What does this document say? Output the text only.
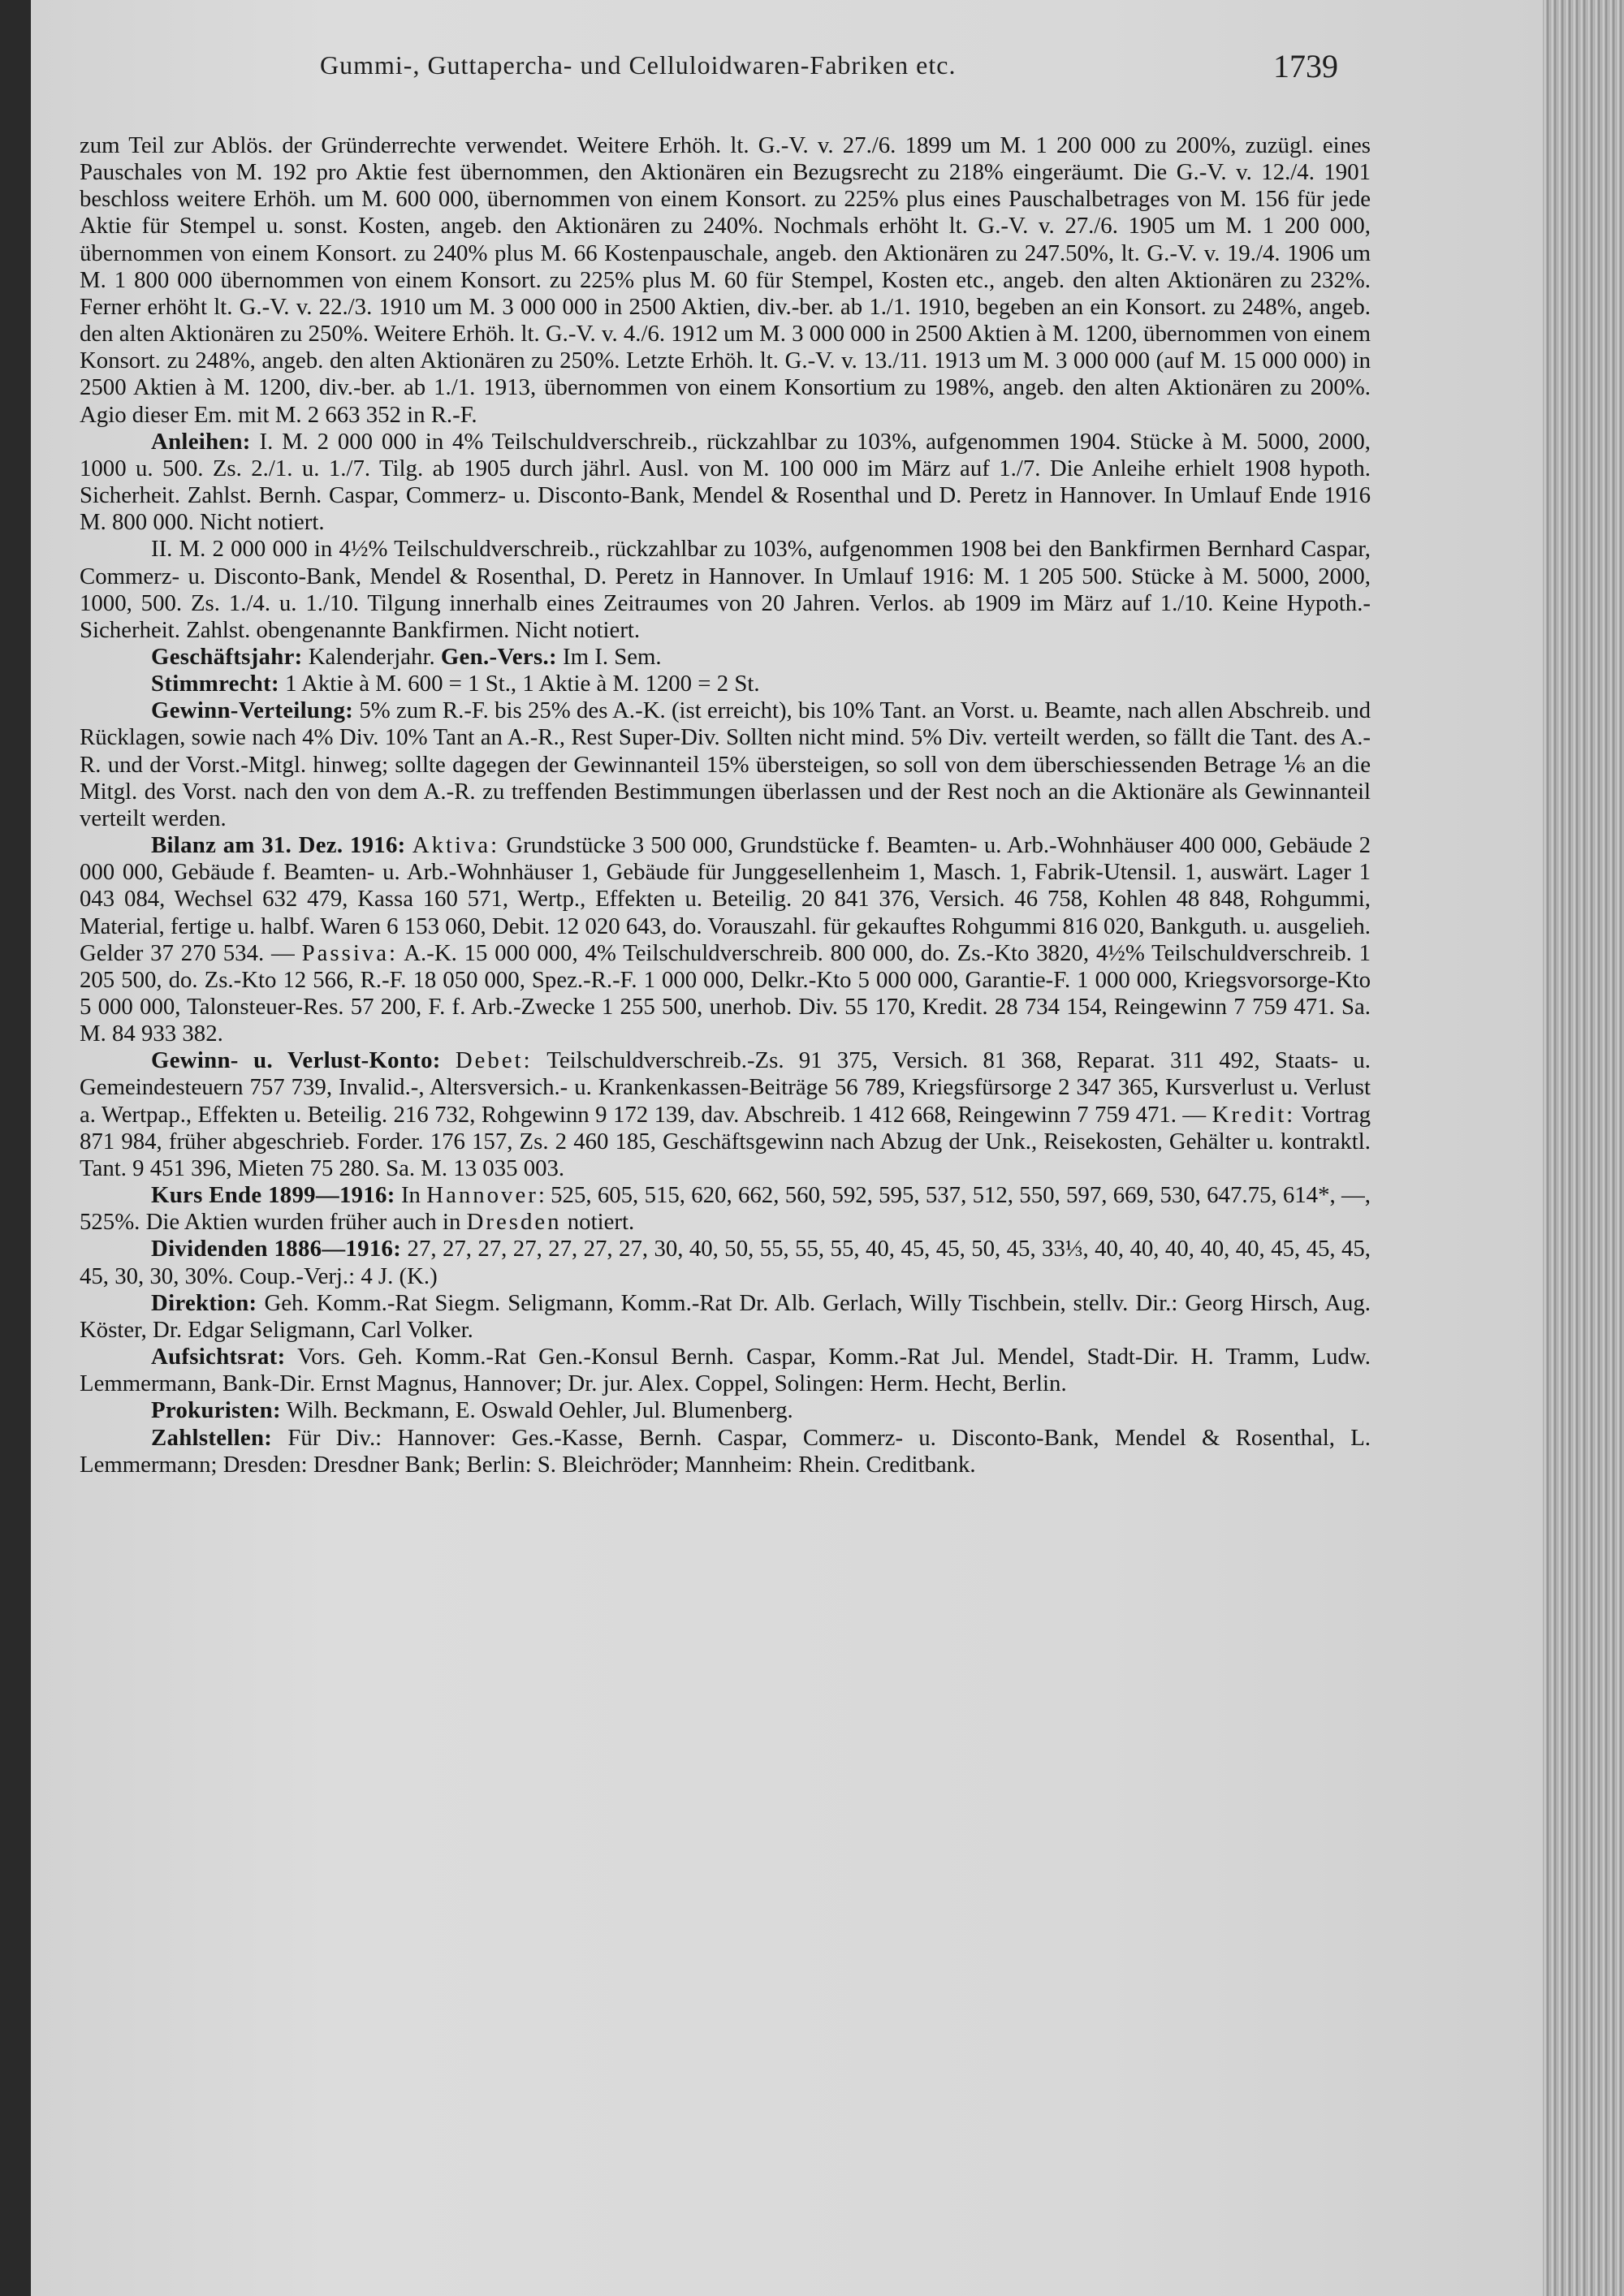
Gummi-, Guttapercha- und Celluloidwaren-Fabriken etc.	1739

zum Teil zur Ablös. der Gründerrechte verwendet. Weitere Erhöh. lt. G.-V. v. 27./6. 1899 um M. 1 200 000 zu 200%, zuzügl. eines Pauschales von M. 192 pro Aktie fest übernommen, den Aktionären ein Bezugsrecht zu 218% eingeräumt. Die G.-V. v. 12./4. 1901 beschloss weitere Erhöh. um M. 600 000, übernommen von einem Konsort. zu 225% plus eines Pauschalbetrages von M. 156 für jede Aktie für Stempel u. sonst. Kosten, angeb. den Aktionären zu 240%. Nochmals erhöht lt. G.-V. v. 27./6. 1905 um M. 1 200 000, übernommen von einem Konsort. zu 240% plus M. 66 Kostenpauschale, angeb. den Aktionären zu 247.50%, lt. G.-V. v. 19./4. 1906 um M. 1 800 000 übernommen von einem Konsort. zu 225% plus M. 60 für Stempel, Kosten etc., angeb. den alten Aktionären zu 232%. Ferner erhöht lt. G.-V. v. 22./3. 1910 um M. 3 000 000 in 2500 Aktien, div.-ber. ab 1./1. 1910, begeben an ein Konsort. zu 248%, angeb. den alten Aktionären zu 250%. Weitere Erhöh. lt. G.-V. v. 4./6. 1912 um M. 3 000 000 in 2500 Aktien à M. 1200, übernommen von einem Konsort. zu 248%, angeb. den alten Aktionären zu 250%. Letzte Erhöh. lt. G.-V. v. 13./11. 1913 um M. 3 000 000 (auf M. 15 000 000) in 2500 Aktien à M. 1200, div.-ber. ab 1./1. 1913, übernommen von einem Konsortium zu 198%, angeb. den alten Aktionären zu 200%. Agio dieser Em. mit M. 2 663 352 in R.-F.

Anleihen: I. M. 2 000 000 in 4% Teilschuldverschreib., rückzahlbar zu 103%, aufgenommen 1904. Stücke à M. 5000, 2000, 1000 u. 500. Zs. 2./1. u. 1./7. Tilg. ab 1905 durch jährl. Ausl. von M. 100 000 im März auf 1./7. Die Anleihe erhielt 1908 hypoth. Sicherheit. Zahlst. Bernh. Caspar, Commerz- u. Disconto-Bank, Mendel & Rosenthal und D. Peretz in Hannover. In Umlauf Ende 1916 M. 800 000. Nicht notiert.

II. M. 2 000 000 in 4½% Teilschuldverschreib., rückzahlbar zu 103%, aufgenommen 1908 bei den Bankfirmen Bernhard Caspar, Commerz- u. Disconto-Bank, Mendel & Rosenthal, D. Peretz in Hannover. In Umlauf 1916: M. 1 205 500. Stücke à M. 5000, 2000, 1000, 500. Zs. 1./4. u. 1./10. Tilgung innerhalb eines Zeitraumes von 20 Jahren. Verlos. ab 1909 im März auf 1./10. Keine Hypoth.-Sicherheit. Zahlst. obengenannte Bankfirmen. Nicht notiert.

Geschäftsjahr: Kalenderjahr. Gen.-Vers.: Im I. Sem.

Stimmrecht: 1 Aktie à M. 600 = 1 St., 1 Aktie à M. 1200 = 2 St.

Gewinn-Verteilung: 5% zum R.-F. bis 25% des A.-K. (ist erreicht), bis 10% Tant. an Vorst. u. Beamte, nach allen Abschreib. und Rücklagen, sowie nach 4% Div. 10% Tant an A.-R., Rest Super-Div. Sollten nicht mind. 5% Div. verteilt werden, so fällt die Tant. des A.-R. und der Vorst.-Mitgl. hinweg; sollte dagegen der Gewinnanteil 15% übersteigen, so soll von dem überschiessenden Betrage ⅙ an die Mitgl. des Vorst. nach den von dem A.-R. zu treffenden Bestimmungen überlassen und der Rest noch an die Aktionäre als Gewinnanteil verteilt werden.

Bilanz am 31. Dez. 1916: Aktiva: Grundstücke 3 500 000, Grundstücke f. Beamten- u. Arb.-Wohnhäuser 400 000, Gebäude 2 000 000, Gebäude f. Beamten- u. Arb.-Wohnhäuser 1, Gebäude für Junggesellenheim 1, Masch. 1, Fabrik-Utensil. 1, auswärt. Lager 1 043 084, Wechsel 632 479, Kassa 160 571, Wertp., Effekten u. Beteilig. 20 841 376, Versich. 46 758, Kohlen 48 848, Rohgummi, Material, fertige u. halbf. Waren 6 153 060, Debit. 12 020 643, do. Vorauszahl. für gekauftes Rohgummi 816 020, Bankguth. u. ausgelieh. Gelder 37 270 534. — Passiva: A.-K. 15 000 000, 4% Teilschuldverschreib. 800 000, do. Zs.-Kto 3820, 4½% Teilschuldverschreib. 1 205 500, do. Zs.-Kto 12 566, R.-F. 18 050 000, Spez.-R.-F. 1 000 000, Delkr.-Kto 5 000 000, Garantie-F. 1 000 000, Kriegsvorsorge-Kto 5 000 000, Talonsteuer-Res. 57 200, F. f. Arb.-Zwecke 1 255 500, unerhob. Div. 55 170, Kredit. 28 734 154, Reingewinn 7 759 471. Sa. M. 84 933 382.

Gewinn- u. Verlust-Konto: Debet: Teilschuldverschreib.-Zs. 91 375, Versich. 81 368, Reparat. 311 492, Staats- u. Gemeindesteuern 757 739, Invalid.-, Altersversich.- u. Krankenkassen-Beiträge 56 789, Kriegsfürsorge 2 347 365, Kursverlust u. Verlust a. Wertpap., Effekten u. Beteilig. 216 732, Rohgewinn 9 172 139, dav. Abschreib. 1 412 668, Reingewinn 7 759 471. — Kredit: Vortrag 871 984, früher abgeschrieb. Forder. 176 157, Zs. 2 460 185, Geschäftsgewinn nach Abzug der Unk., Reisekosten, Gehälter u. kontraktl. Tant. 9 451 396, Mieten 75 280. Sa. M. 13 035 003.

Kurs Ende 1899—1916: In Hannover: 525, 605, 515, 620, 662, 560, 592, 595, 537, 512, 550, 597, 669, 530, 647.75, 614*, —, 525%. Die Aktien wurden früher auch in Dresden notiert.

Dividenden 1886—1916: 27, 27, 27, 27, 27, 27, 27, 30, 40, 50, 55, 55, 55, 40, 45, 45, 50, 45, 33⅓, 40, 40, 40, 40, 40, 45, 45, 45, 45, 30, 30, 30%. Coup.-Verj.: 4 J. (K.)

Direktion: Geh. Komm.-Rat Siegm. Seligmann, Komm.-Rat Dr. Alb. Gerlach, Willy Tischbein, stellv. Dir.: Georg Hirsch, Aug. Köster, Dr. Edgar Seligmann, Carl Volker.

Aufsichtsrat: Vors. Geh. Komm.-Rat Gen.-Konsul Bernh. Caspar, Komm.-Rat Jul. Mendel, Stadt-Dir. H. Tramm, Ludw. Lemmermann, Bank-Dir. Ernst Magnus, Hannover; Dr. jur. Alex. Coppel, Solingen: Herm. Hecht, Berlin.

Prokuristen: Wilh. Beckmann, E. Oswald Oehler, Jul. Blumenberg.

Zahlstellen: Für Div.: Hannover: Ges.-Kasse, Bernh. Caspar, Commerz- u. Disconto-Bank, Mendel & Rosenthal, L. Lemmermann; Dresden: Dresdner Bank; Berlin: S. Bleichröder; Mannheim: Rhein. Creditbank.
